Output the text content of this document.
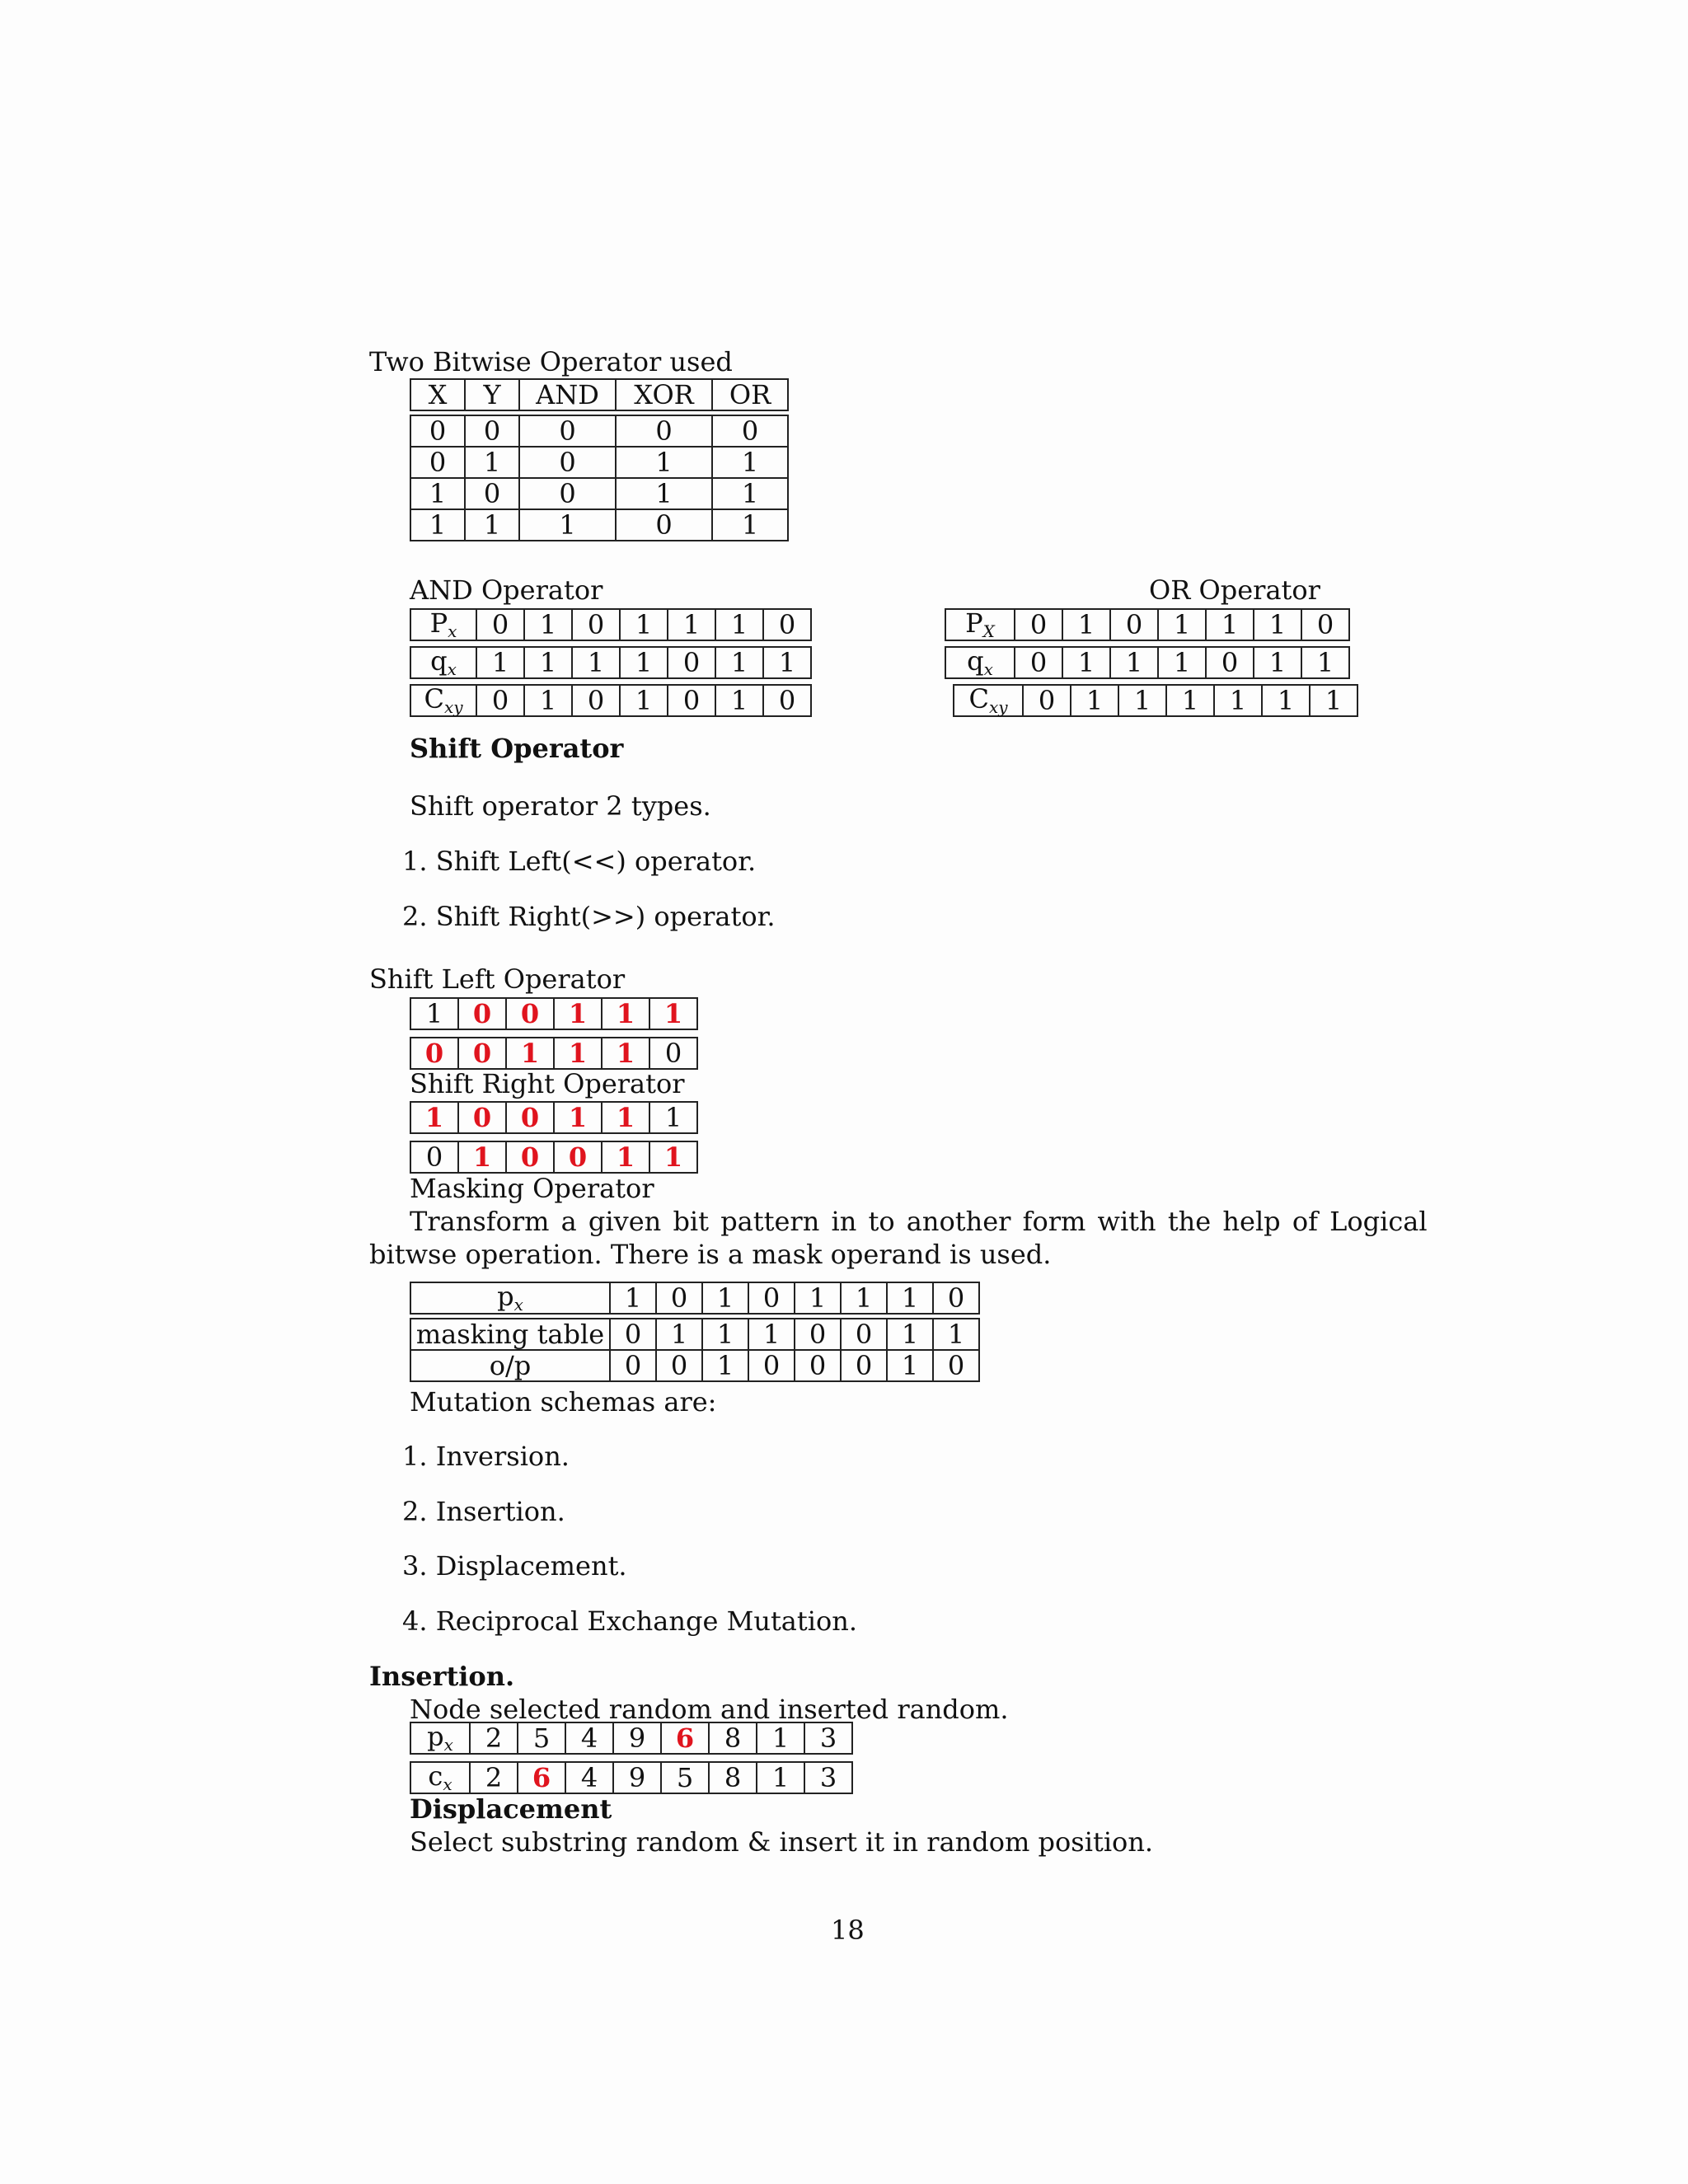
Two Bitwise Operator used
X	Y	AND	XOR	OR

0	0	0	0	0
0	1	0	1	1
1	0	0	1	1
1	1	1	0	1
AND Operator
$P_x$	0	1	0	1	1	1	0
$q_x$	1	1	1	1	0	1	1
$C_{xy}$	0	1	0	1	0	1	0
OR Operator
$P_X$	0	1	0	1	1	1	0
$q_x$	0	1	1	1	0	1	1
$C_{xy}$	0	1	1	1	1	1	1
Shift Operator
Shift operator 2 types.
1. Shift Left(<<) operator.
2. Shift Right(>>) operator.
Shift Left Operator
1	0	0	1	1	1
0	0	1	1	1	0
Shift Right Operator
1	0	0	1	1	1
0	1	0	0	1	1
Masking Operator
Transform a given bit pattern in to another form with the help of Logical
bitwse operation. There is a mask operand is used.
$p_x$	1	0	1	0	1	1	1	0

masking table	0	1	1	1	0	0	1	1
o/p	0	0	1	0	0	0	1	0
Mutation schemas are:
1. Inversion.
2. Insertion.
3. Displacement.
4. Reciprocal Exchange Mutation.
Insertion.
Node selected random and inserted random.
$p_x$	2	5	4	9	6	8	1	3
$c_x$	2	6	4	9	5	8	1	3
Displacement
Select substring random & insert it in random position.
18
